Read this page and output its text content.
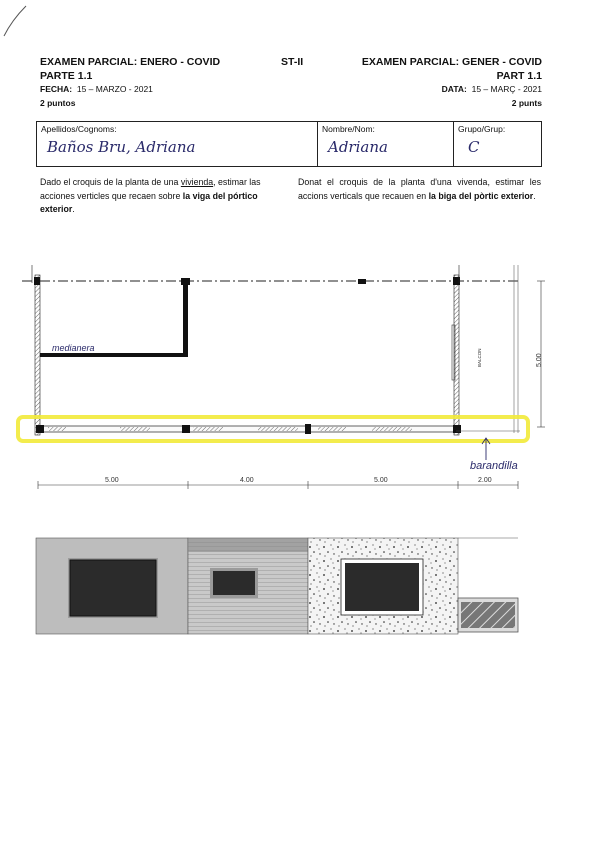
EXAMEN PARCIAL: ENERO - COVID
PARTE 1.1
FECHA: 15 – MARZO - 2021
2 puntos
ST-II	EXAMEN PARCIAL: GENER - COVID
PART 1.1
DATA: 15 – MARÇ - 2021
2 punts
Apellidos/Cognoms:
Baños Bru, Adriana

Nombre/Nom:
Adriana

Grupo/Grup:
C
Dado el croquis de la planta de una vivienda, estimar las acciones verticles que recaen sobre la viga del pórtico exterior.
Donat el croquis de la planta d'una vivenda, estimar les accions verticals que recauen en la biga del pòrtic exterior.
medianera
BALCON	5.00
barandilla
5.00	4.00	5.00	2.00
